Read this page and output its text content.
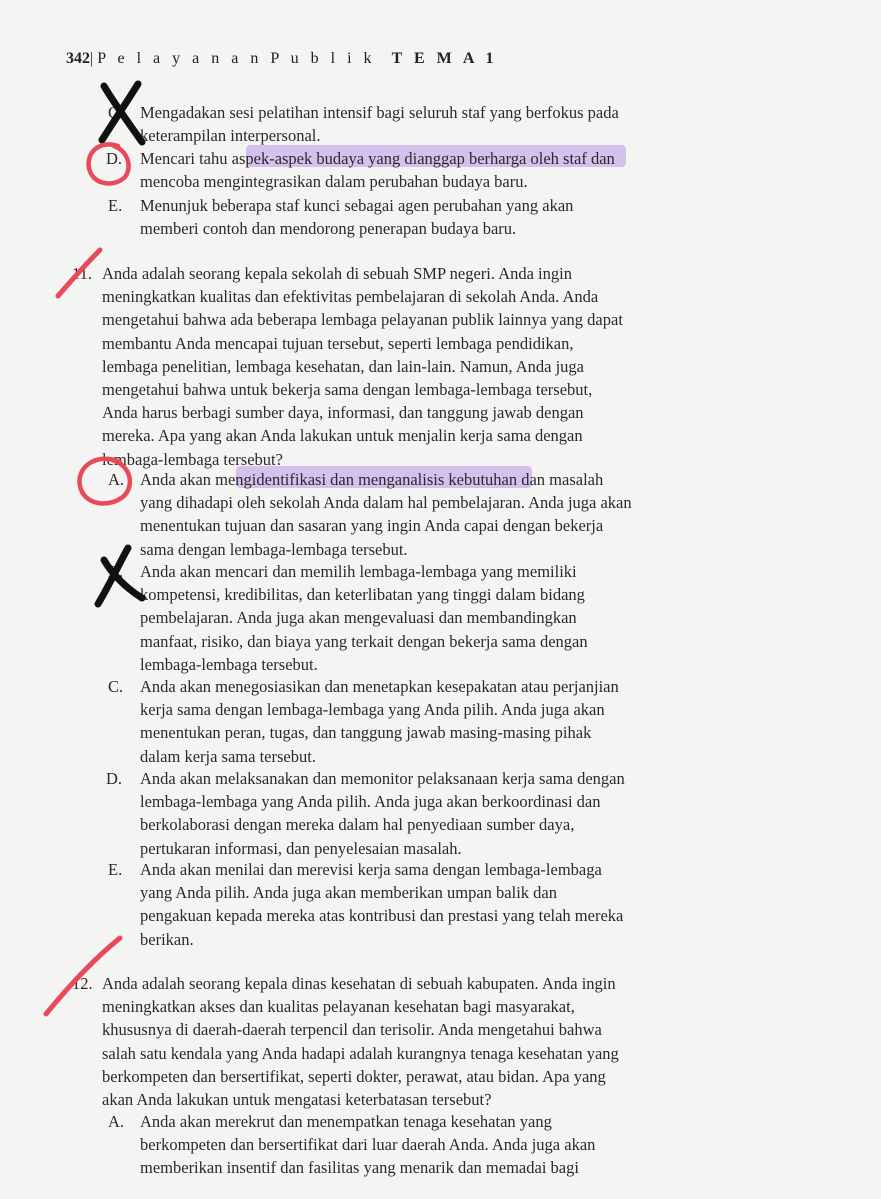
342|P e l a y a n a n P u b l i k T E M A 1
C. Mengadakan sesi pelatihan intensif bagi seluruh staf yang berfokus pada
keterampilan interpersonal.
D. Mencari tahu aspek-aspek budaya yang dianggap berharga oleh staf dan
mencoba mengintegrasikan dalam perubahan budaya baru.
E. Menunjuk beberapa staf kunci sebagai agen perubahan yang akan
memberi contoh dan mendorong penerapan budaya baru.
11. Anda adalah seorang kepala sekolah di sebuah SMP negeri. Anda ingin
meningkatkan kualitas dan efektivitas pembelajaran di sekolah Anda. Anda
mengetahui bahwa ada beberapa lembaga pelayanan publik lainnya yang dapat
membantu Anda mencapai tujuan tersebut, seperti lembaga pendidikan,
lembaga penelitian, lembaga kesehatan, dan lain-lain. Namun, Anda juga
mengetahui bahwa untuk bekerja sama dengan lembaga-lembaga tersebut,
Anda harus berbagi sumber daya, informasi, dan tanggung jawab dengan
mereka. Apa yang akan Anda lakukan untuk menjalin kerja sama dengan
lembaga-lembaga tersebut?
A. Anda akan mengidentifikasi dan menganalisis kebutuhan dan masalah
yang dihadapi oleh sekolah Anda dalam hal pembelajaran. Anda juga akan
menentukan tujuan dan sasaran yang ingin Anda capai dengan bekerja
sama dengan lembaga-lembaga tersebut.
B. Anda akan mencari dan memilih lembaga-lembaga yang memiliki
kompetensi, kredibilitas, dan keterlibatan yang tinggi dalam bidang
pembelajaran. Anda juga akan mengevaluasi dan membandingkan
manfaat, risiko, dan biaya yang terkait dengan bekerja sama dengan
lembaga-lembaga tersebut.
C. Anda akan menegosiasikan dan menetapkan kesepakatan atau perjanjian
kerja sama dengan lembaga-lembaga yang Anda pilih. Anda juga akan
menentukan peran, tugas, dan tanggung jawab masing-masing pihak
dalam kerja sama tersebut.
D. Anda akan melaksanakan dan memonitor pelaksanaan kerja sama dengan
lembaga-lembaga yang Anda pilih. Anda juga akan berkoordinasi dan
berkolaborasi dengan mereka dalam hal penyediaan sumber daya,
pertukaran informasi, dan penyelesaian masalah.
E. Anda akan menilai dan merevisi kerja sama dengan lembaga-lembaga
yang Anda pilih. Anda juga akan memberikan umpan balik dan
pengakuan kepada mereka atas kontribusi dan prestasi yang telah mereka
berikan.
12. Anda adalah seorang kepala dinas kesehatan di sebuah kabupaten. Anda ingin
meningkatkan akses dan kualitas pelayanan kesehatan bagi masyarakat,
khususnya di daerah-daerah terpencil dan terisolir. Anda mengetahui bahwa
salah satu kendala yang Anda hadapi adalah kurangnya tenaga kesehatan yang
berkompeten dan bersertifikat, seperti dokter, perawat, atau bidan. Apa yang
akan Anda lakukan untuk mengatasi keterbatasan tersebut?
A. Anda akan merekrut dan menempatkan tenaga kesehatan yang
berkompeten dan bersertifikat dari luar daerah Anda. Anda juga akan
memberikan insentif dan fasilitas yang menarik dan memadai bagi
